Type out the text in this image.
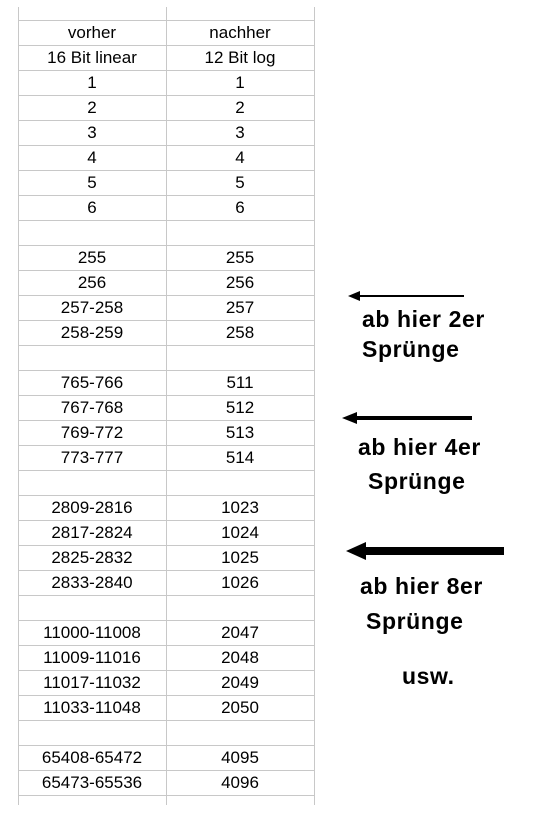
vorher	nachher
16 Bit linear	12 Bit log
1	1
2	2
3	3
4	4
5	5
6	6
255	255
256	256
257-258	257
258-259	258
765-766	511
767-768	512
769-772	513
773-777	514
2809-2816	1023
2817-2824	1024
2825-2832	1025
2833-2840	1026
11000-11008	2047
11009-11016	2048
11017-11032	2049
11033-11048	2050
65408-65472	4095
65473-65536	4096
ab hier 2er
Sprünge
ab hier 4er
Sprünge
ab hier 8er
Sprünge
usw.
